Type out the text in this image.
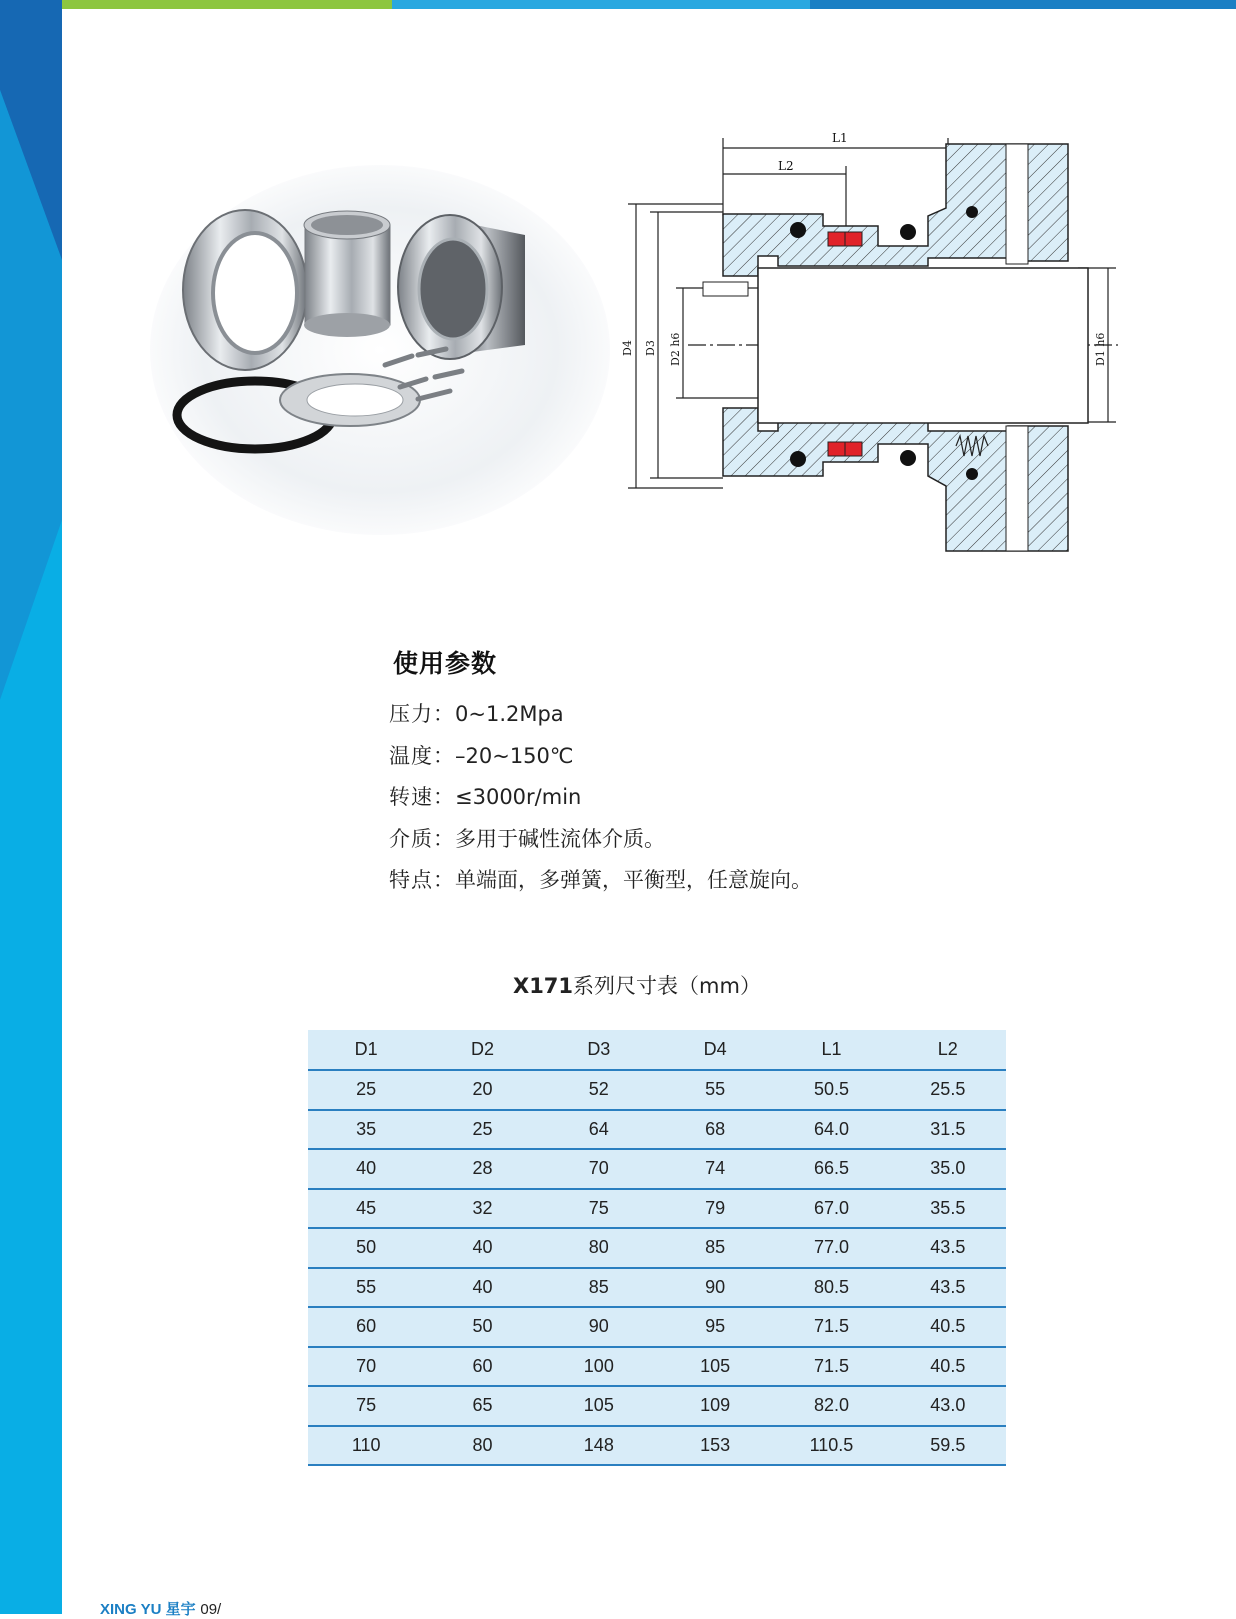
L1
L2
D4 D3 D2 h6	D1 h6
使用参数
压力：0~1.2Mpa
温度：–20~150℃
转速：≤3000r/min
介质：多用于碱性流体介质。
特点：单端面，多弹簧，平衡型，任意旋向。
X171系列尺寸表（mm）
D1	D2	D3	D4	L1	L2
25	20	52	55	50.5	25.5
35	25	64	68	64.0	31.5
40	28	70	74	66.5	35.0
45	32	75	79	67.0	35.5
50	40	80	85	77.0	43.5
55	40	85	90	80.5	43.5
60	50	90	95	71.5	40.5
70	60	100	105	71.5	40.5
75	65	105	109	82.0	43.0
110	80	148	153	110.5	59.5
XING YU 星宇 09/
